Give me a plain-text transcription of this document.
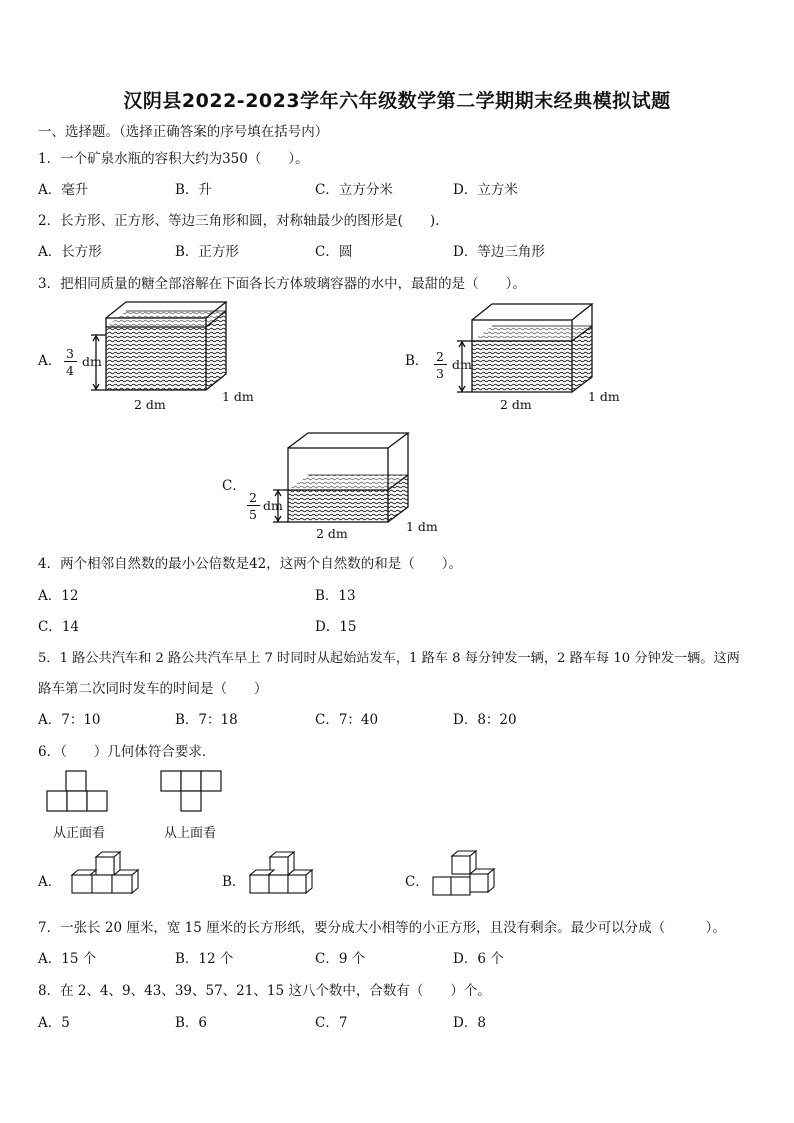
汉阴县2022-2023学年六年级数学第二学期期末经典模拟试题
一、选择题。（选择正确答案的序号填在括号内）
1．一个矿泉水瓶的容积大约为350（　　）。
A．毫升	B．升	C．立方分米	D．立方米
2．长方形、正方形、等边三角形和圆，对称轴最少的图形是(　　).
A．长方形	B．正方形	C．圆	D．等边三角形
3．把相同质量的糖全部溶解在下面各长方体玻璃容器的水中，最甜的是（　　）。
A． 3
4
dm
2 dm
1 dm
B． 2
3
dm
2 dm
1 dm
C．
2
5
dm
2 dm	1 dm
4．两个相邻自然数的最小公倍数是42，这两个自然数的和是（　　）。
A．12	B．13
C．14	D．15
5．1 路公共汽车和 2 路公共汽车早上 7 时同时从起始站发车，1 路车 8 每分钟发一辆，2 路车每 10 分钟发一辆。这两
路车第二次同时发车的时间是（　　）
A．7：10	B．7：18	C．7：40	D．8：20
6．（　　）几何体符合要求．
从正面看	从上面看
A．	B．	C．
7．一张长 20 厘米，宽 15 厘米的长方形纸，要分成大小相等的小正方形，且没有剩余。最少可以分成（　　　）。
A．15 个	B．12 个	C．9 个	D．6 个
8．在 2、4、9、43、39、57、21、15 这八个数中，合数有（　　）个。
A．5	B．6	C．7	D．8
